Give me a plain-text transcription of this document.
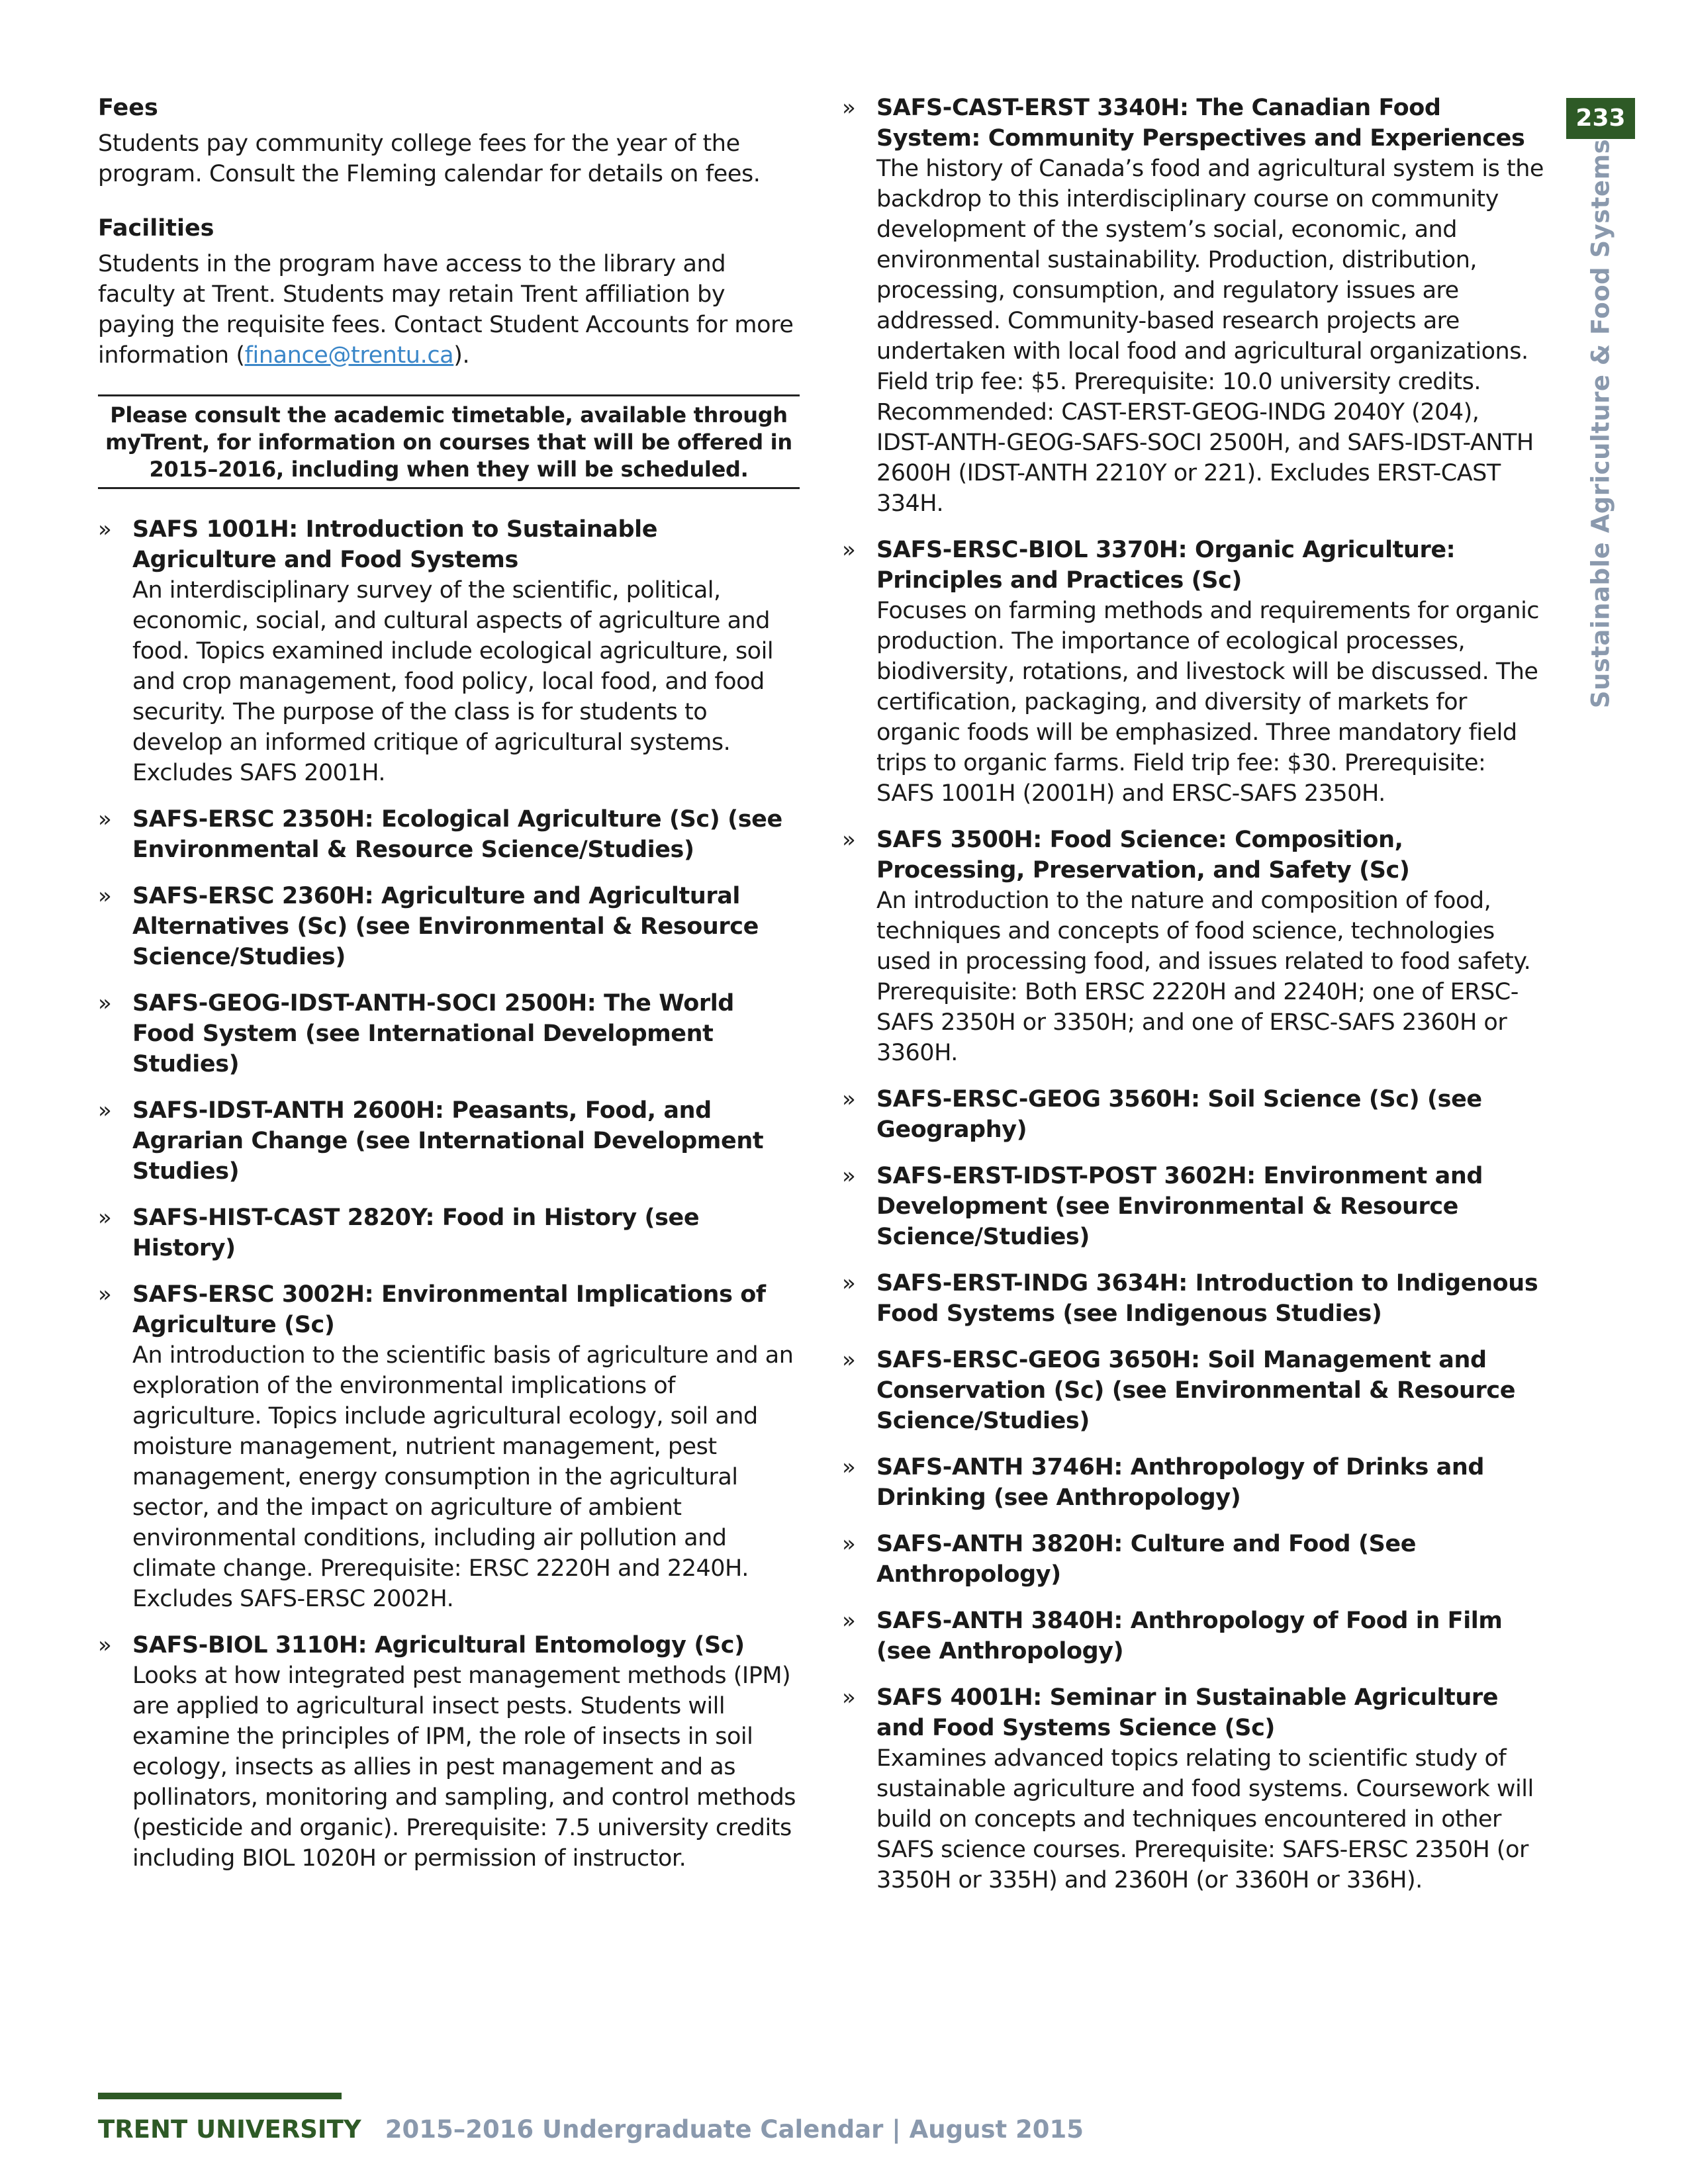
233
Sustainable Agriculture & Food Systems
Fees

Students pay community college fees for the year of the program. Consult the Fleming calendar for details on fees.

Facilities

Students in the program have access to the library and faculty at Trent. Students may retain Trent affiliation by paying the requisite fees. Contact Student Accounts for more information (finance@trentu.ca).

Please consult the academic timetable, available through myTrent, for information on courses that will be offered in 2015–2016, including when they will be scheduled.
» SAFS 1001H: Introduction to Sustainable Agriculture and Food Systems
An interdisciplinary survey of the scientific, political, economic, social, and cultural aspects of agriculture and food. Topics examined include ecological agriculture, soil and crop management, food policy, local food, and food security. The purpose of the class is for students to develop an informed critique of agricultural systems. Excludes SAFS 2001H.
» SAFS-ERSC 2350H: Ecological Agriculture (Sc) (see Environmental & Resource Science/Studies)
» SAFS-ERSC 2360H: Agriculture and Agricultural Alternatives (Sc) (see Environmental & Resource Science/Studies)
» SAFS-GEOG-IDST-ANTH-SOCI 2500H: The World Food System (see International Development Studies)
» SAFS-IDST-ANTH 2600H: Peasants, Food, and Agrarian Change (see International Development Studies)
» SAFS-HIST-CAST 2820Y: Food in History (see History)
» SAFS-ERSC 3002H: Environmental Implications of Agriculture (Sc)
An introduction to the scientific basis of agriculture and an exploration of the environmental implications of agriculture. Topics include agricultural ecology, soil and moisture management, nutrient management, pest management, energy consumption in the agricultural sector, and the impact on agriculture of ambient environmental conditions, including air pollution and climate change. Prerequisite: ERSC 2220H and 2240H. Excludes SAFS-ERSC 2002H.
» SAFS-BIOL 3110H: Agricultural Entomology (Sc)
Looks at how integrated pest management methods (IPM) are applied to agricultural insect pests. Students will examine the principles of IPM, the role of insects in soil ecology, insects as allies in pest management and as pollinators, monitoring and sampling, and control methods (pesticide and organic). Prerequisite: 7.5 university credits including BIOL 1020H or permission of instructor.
» SAFS-CAST-ERST 3340H: The Canadian Food System: Community Perspectives and Experiences
The history of Canada’s food and agricultural system is the backdrop to this interdisciplinary course on community development of the system’s social, economic, and environmental sustainability. Production, distribution, processing, consumption, and regulatory issues are addressed. Community-based research projects are undertaken with local food and agricultural organizations. Field trip fee: $5. Prerequisite: 10.0 university credits. Recommended: CAST-ERST-GEOG-INDG 2040Y (204), IDST-ANTH-GEOG-SAFS-SOCI 2500H, and SAFS-IDST-ANTH 2600H (IDST-ANTH 2210Y or 221). Excludes ERST-CAST 334H.
» SAFS-ERSC-BIOL 3370H: Organic Agriculture: Principles and Practices (Sc)
Focuses on farming methods and requirements for organic production. The importance of ecological processes, biodiversity, rotations, and livestock will be discussed. The certification, packaging, and diversity of markets for organic foods will be emphasized. Three mandatory field trips to organic farms. Field trip fee: $30. Prerequisite: SAFS 1001H (2001H) and ERSC-SAFS 2350H.
» SAFS 3500H: Food Science: Composition, Processing, Preservation, and Safety (Sc)
An introduction to the nature and composition of food, techniques and concepts of food science, technologies used in processing food, and issues related to food safety. Prerequisite: Both ERSC 2220H and 2240H; one of ERSC-SAFS 2350H or 3350H; and one of ERSC-SAFS 2360H or 3360H.
» SAFS-ERSC-GEOG 3560H: Soil Science (Sc) (see Geography)
» SAFS-ERST-IDST-POST 3602H: Environment and Development (see Environmental & Resource Science/Studies)
» SAFS-ERST-INDG 3634H: Introduction to Indigenous Food Systems (see Indigenous Studies)
» SAFS-ERSC-GEOG 3650H: Soil Management and Conservation (Sc) (see Environmental & Resource Science/Studies)
» SAFS-ANTH 3746H: Anthropology of Drinks and Drinking (see Anthropology)
» SAFS-ANTH 3820H: Culture and Food (See Anthropology)
» SAFS-ANTH 3840H: Anthropology of Food in Film (see Anthropology)
» SAFS 4001H: Seminar in Sustainable Agriculture and Food Systems Science (Sc)
Examines advanced topics relating to scientific study of sustainable agriculture and food systems. Coursework will build on concepts and techniques encountered in other SAFS science courses. Prerequisite: SAFS-ERSC 2350H (or 3350H or 335H) and 2360H (or 3360H or 336H).
TRENT UNIVERSITY 2015–2016 Undergraduate Calendar | August 2015
